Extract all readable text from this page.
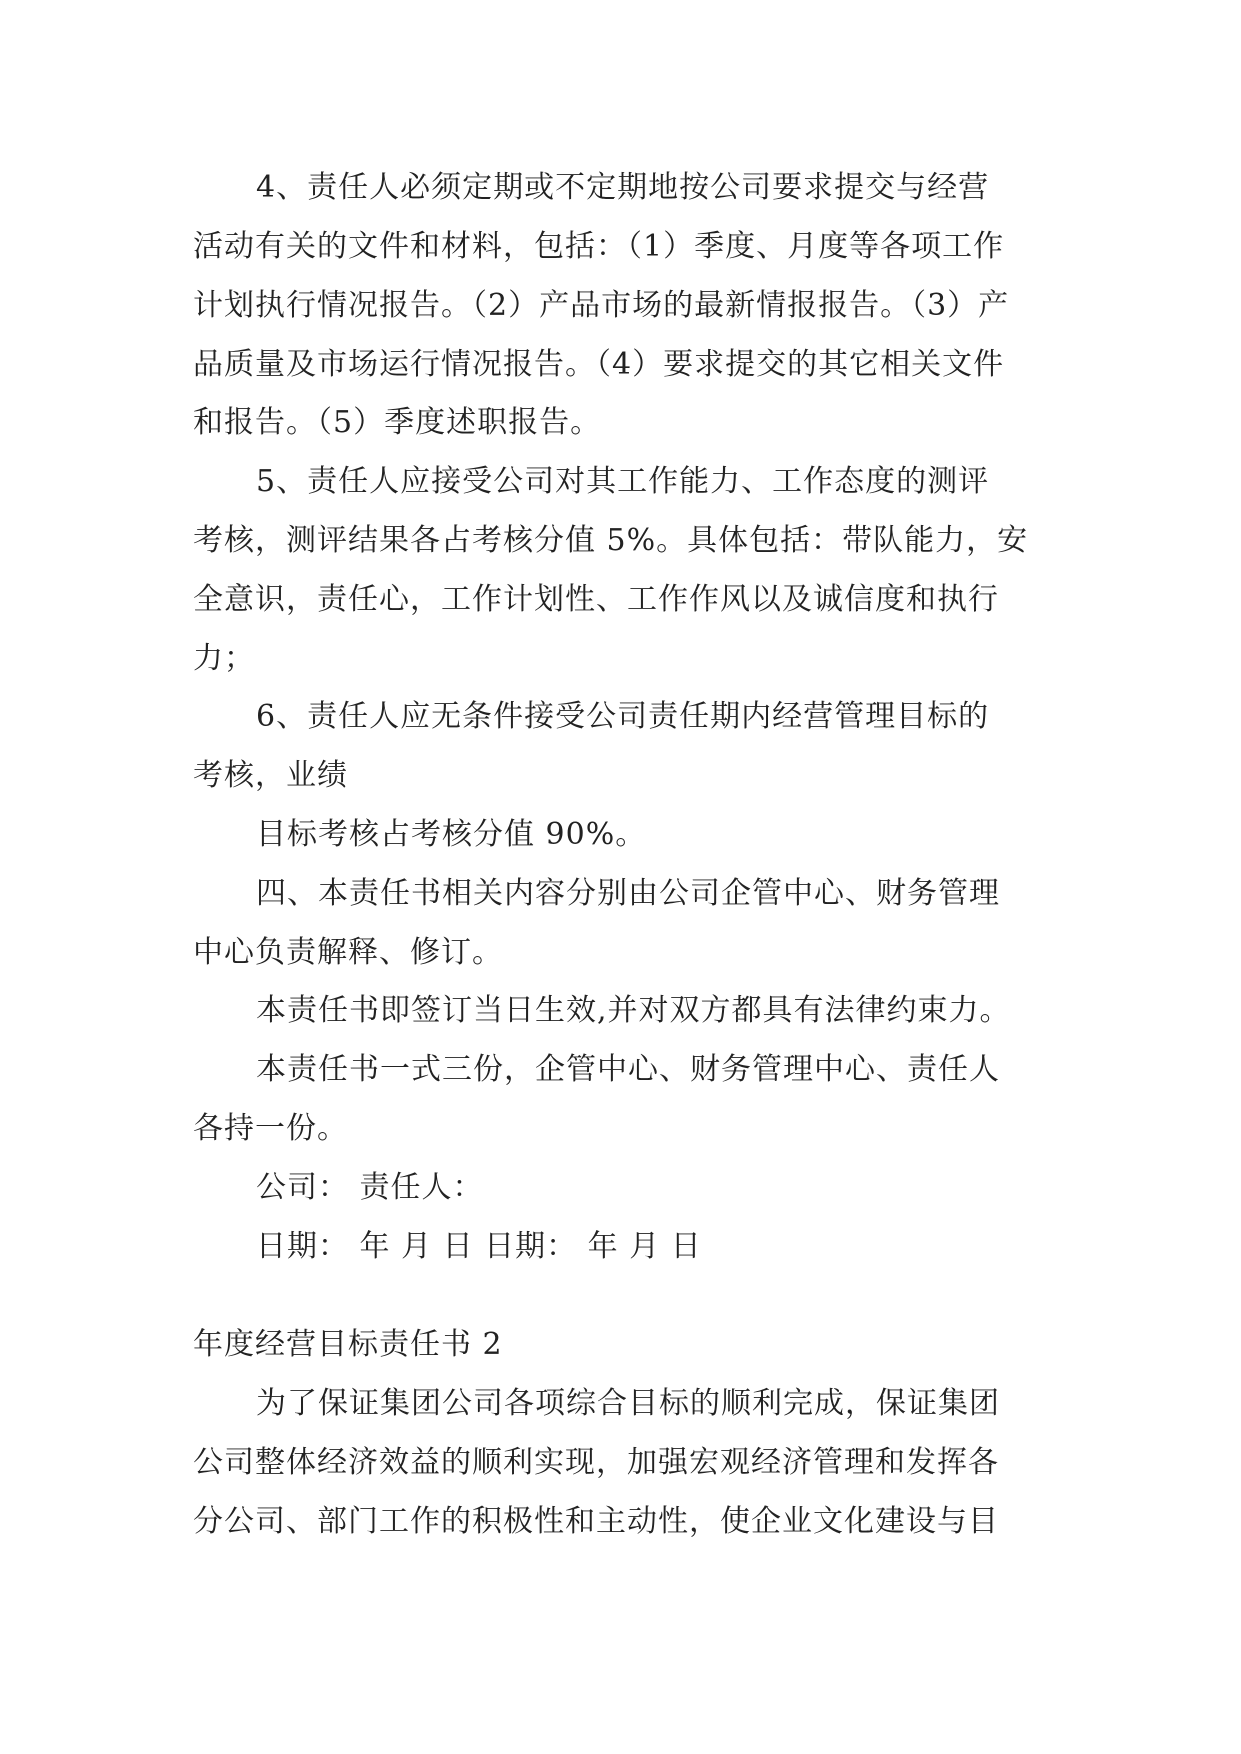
4、责任人必须定期或不定期地按公司要求提交与经营
活动有关的文件和材料，包括：（1）季度、月度等各项工作
计划执行情况报告。（2）产品市场的最新情报报告。（3）产
品质量及市场运行情况报告。（4）要求提交的其它相关文件
和报告。（5）季度述职报告。
5、责任人应接受公司对其工作能力、工作态度的测评
考核，测评结果各占考核分值 5%。具体包括：带队能力，安
全意识，责任心，工作计划性、工作作风以及诚信度和执行
力；
6、责任人应无条件接受公司责任期内经营管理目标的
考核，业绩
目标考核占考核分值 90%。
四、本责任书相关内容分别由公司企管中心、财务管理
中心负责解释、修订。
本责任书即签订当日生效,并对双方都具有法律约束力。
本责任书一式三份，企管中心、财务管理中心、责任人
各持一份。
公司： 责任人：
日期： 年 月 日 日期： 年 月 日
年度经营目标责任书 2
为了保证集团公司各项综合目标的顺利完成，保证集团
公司整体经济效益的顺利实现，加强宏观经济管理和发挥各
分公司、部门工作的积极性和主动性，使企业文化建设与目
